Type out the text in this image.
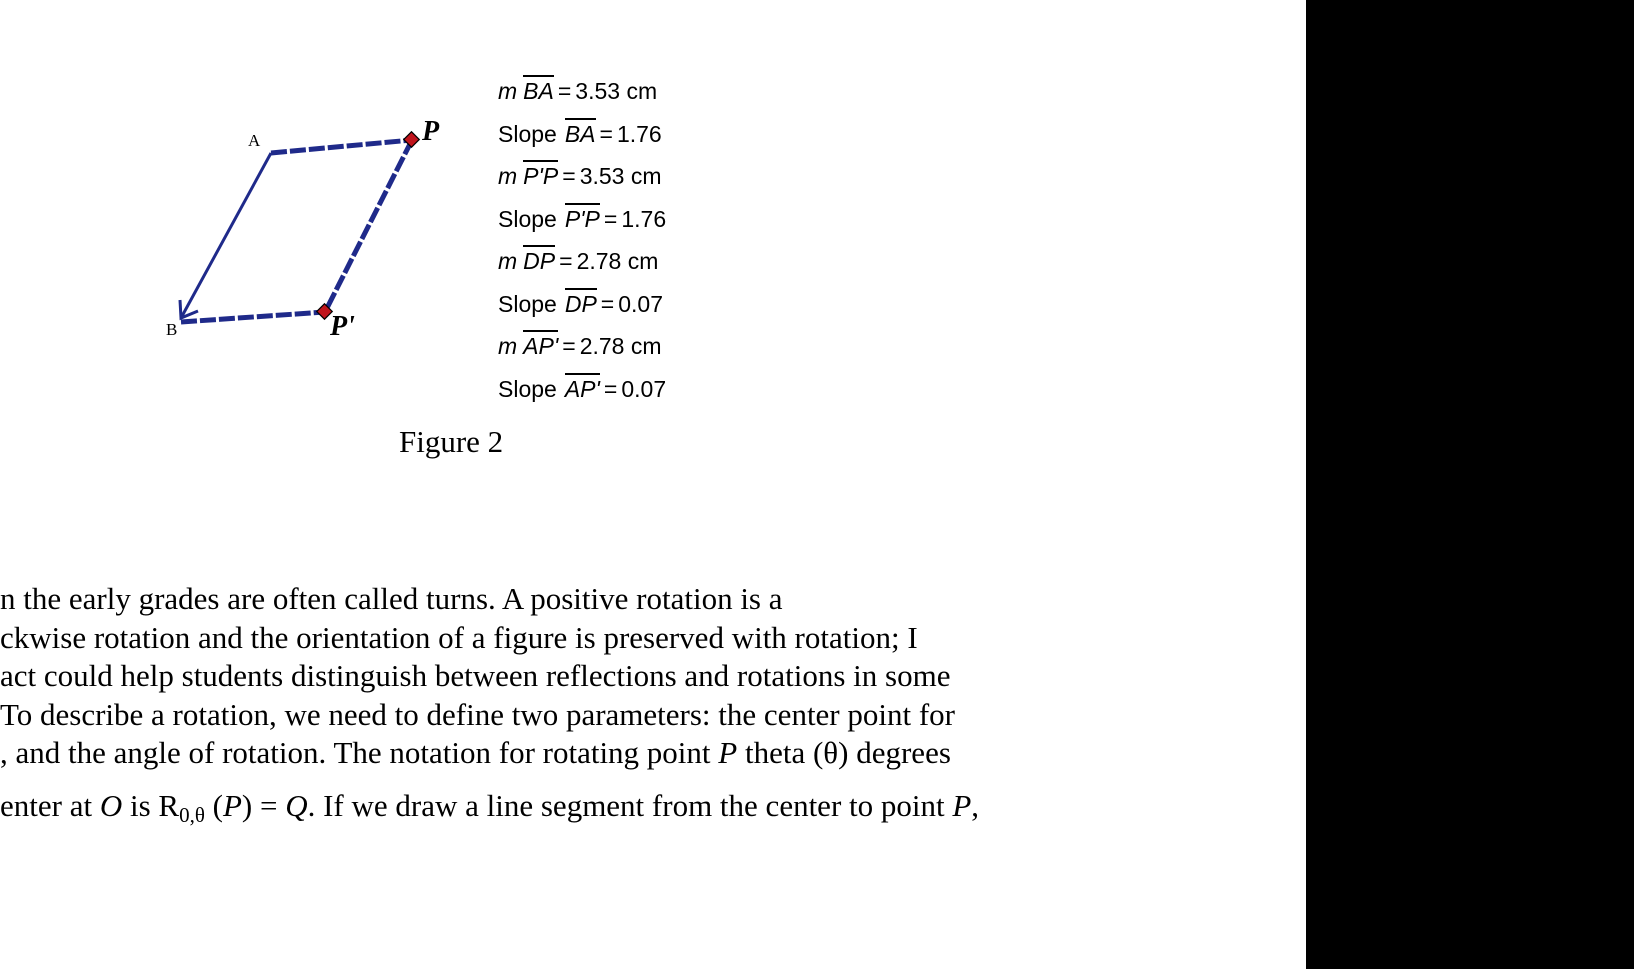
A
B
P
P'
m BA = 3.53 cm
Slope BA = 1.76
m P'P = 3.53 cm
Slope P'P = 1.76
m DP = 2.78 cm
Slope DP = 0.07
m AP' = 2.78 cm
Slope AP' = 0.07
Figure 2
n the early grades are often called turns. A positive rotation is a
ckwise rotation and the orientation of a figure is preserved with rotation; I
act could help students distinguish between reflections and rotations in some
To describe a rotation, we need to define two parameters: the center point for
, and the angle of rotation. The notation for rotating point P theta (θ) degrees
enter at O is $R_{0,\theta}$ (P) = Q. If we draw a line segment from the center to point P,
